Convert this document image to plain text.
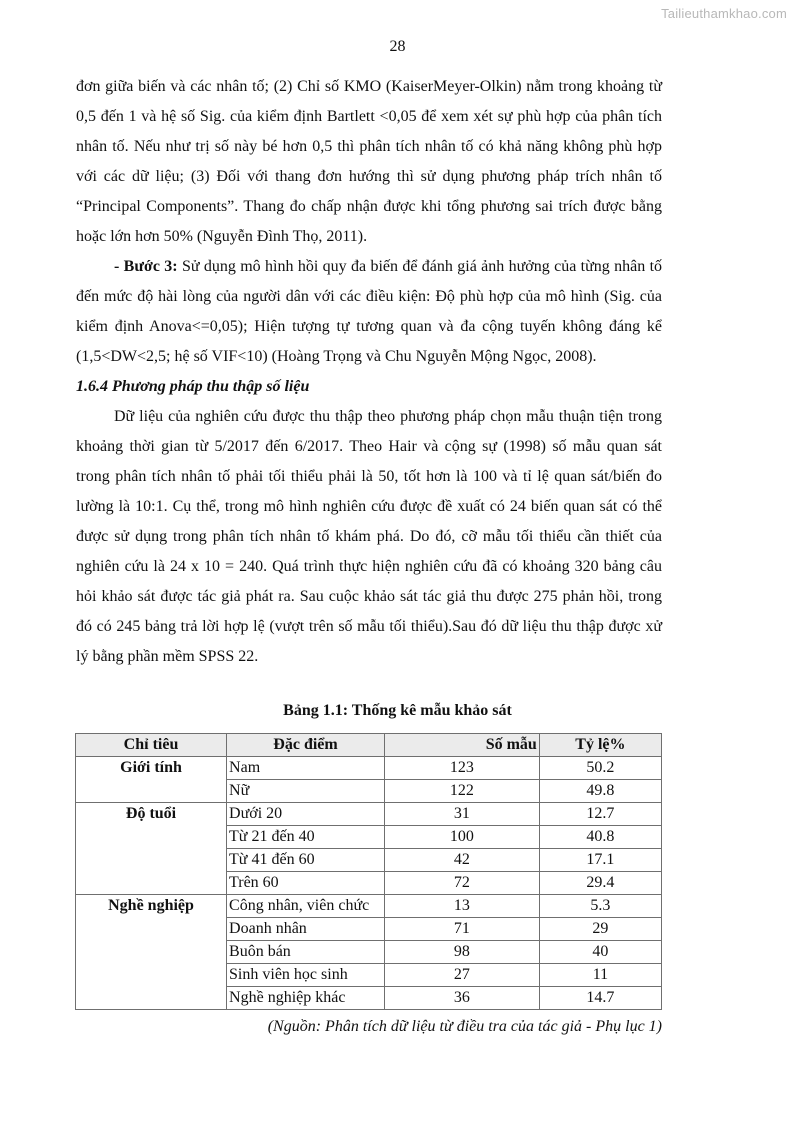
Tailieuthamkhao.com
28

đơn giữa biến và các nhân tố; (2) Chỉ số KMO (KaiserMeyer-Olkin) nằm trong khoảng từ 0,5 đến 1 và hệ số Sig. của kiểm định Bartlett <0,05 để xem xét sự phù hợp của phân tích nhân tố. Nếu như trị số này bé hơn 0,5 thì phân tích nhân tố có khả năng không phù hợp với các dữ liệu; (3) Đối với thang đơn hướng thì sử dụng phương pháp trích nhân tố “Principal Components”. Thang đo chấp nhận được khi tổng phương sai trích được bằng hoặc lớn hơn 50% (Nguyễn Đình Thọ, 2011).

- Bước 3: Sử dụng mô hình hồi quy đa biến để đánh giá ảnh hưởng của từng nhân tố đến mức độ hài lòng của người dân với các điều kiện: Độ phù hợp của mô hình (Sig. của kiểm định Anova<=0,05); Hiện tượng tự tương quan và đa cộng tuyến không đáng kể (1,5<DW<2,5; hệ số VIF<10) (Hoàng Trọng và Chu Nguyễn Mộng Ngọc, 2008).

1.6.4 Phương pháp thu thập số liệu

Dữ liệu của nghiên cứu được thu thập theo phương pháp chọn mẫu thuận tiện trong khoảng thời gian từ 5/2017 đến 6/2017. Theo Hair và cộng sự (1998) số mẫu quan sát trong phân tích nhân tố phải tối thiểu phải là 50, tốt hơn là 100 và tỉ lệ quan sát/biến đo lường là 10:1. Cụ thể, trong mô hình nghiên cứu được đề xuất có 24 biến quan sát có thể được sử dụng trong phân tích nhân tố khám phá. Do đó, cỡ mẫu tối thiểu cần thiết của nghiên cứu là 24 x 10 = 240. Quá trình thực hiện nghiên cứu đã có khoảng 320 bảng câu hỏi khảo sát được tác giả phát ra. Sau cuộc khảo sát tác giả thu được 275 phản hồi, trong đó có 245 bảng trả lời hợp lệ (vượt trên số mẫu tối thiểu).Sau đó dữ liệu thu thập được xử lý bằng phần mềm SPSS 22.

Bảng 1.1: Thống kê mẫu khảo sát
Chỉ tiêu	Đặc điểm	Số mẫu	Tỷ lệ%
Giới tính	Nam	123	50.2
	Nữ	122	49.8
Độ tuổi	Dưới 20	31	12.7
	Từ 21 đến 40	100	40.8
	Từ 41 đến 60	42	17.1
	Trên 60	72	29.4
Nghề nghiệp	Công nhân, viên chức	13	5.3
	Doanh nhân	71	29
	Buôn bán	98	40
	Sinh viên học sinh	27	11
	Nghề nghiệp khác	36	14.7
(Nguồn: Phân tích dữ liệu từ điều tra của tác giả - Phụ lục 1)
